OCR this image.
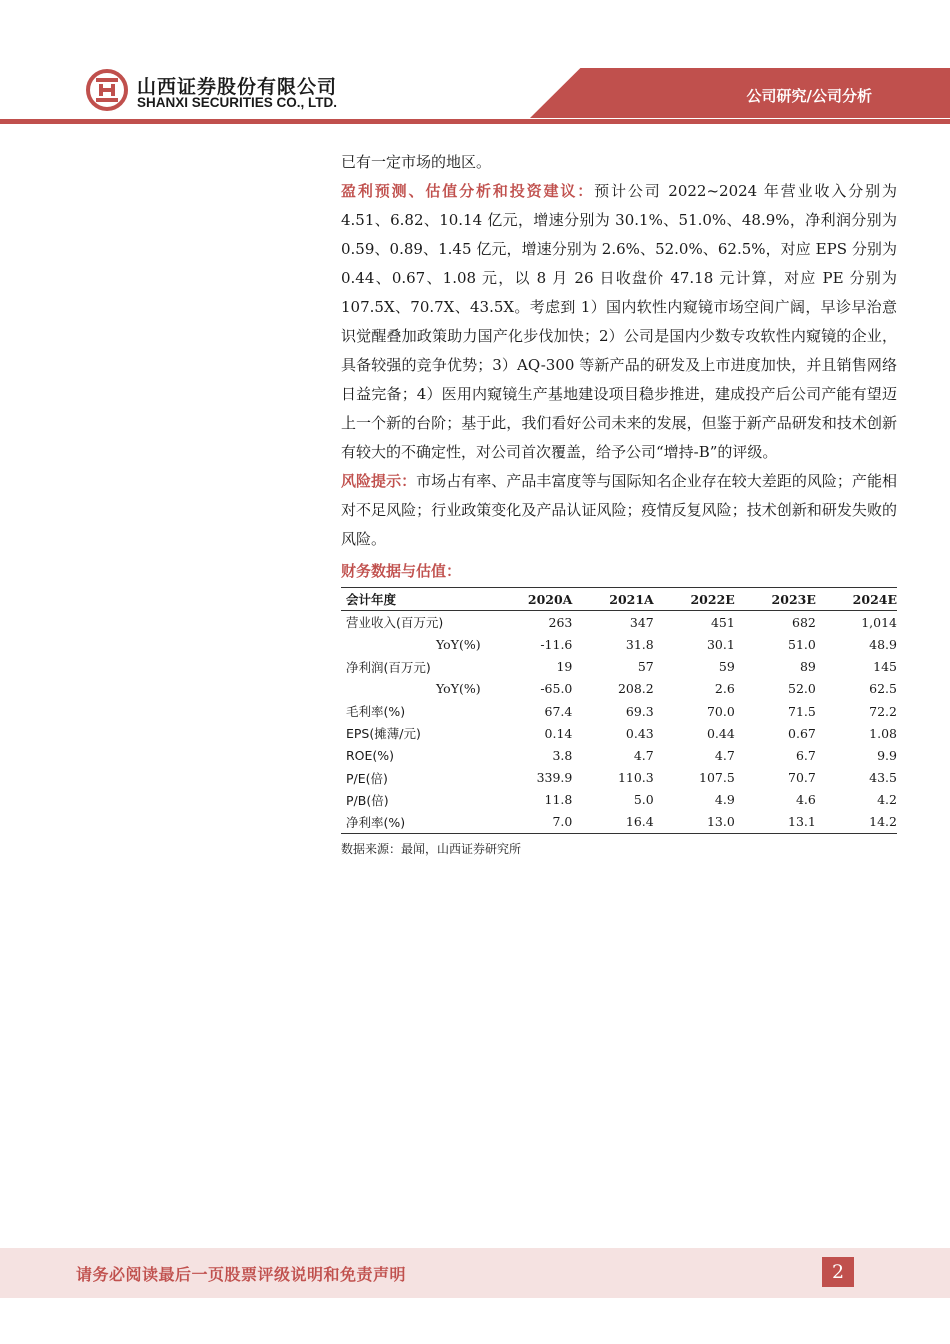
山西证券股份有限公司
SHANXI SECURITIES CO., LTD.	公司研究/公司分析

已有一定市场的地区。

盈利预测、估值分析和投资建议：预计公司 2022~2024 年营业收入分别为 4.51、6.82、10.14 亿元，增速分别为 30.1%、51.0%、48.9%，净利润分别为 0.59、0.89、1.45 亿元，增速分别为 2.6%、52.0%、62.5%，对应 EPS 分别为 0.44、0.67、1.08 元，以 8 月 26 日收盘价 47.18 元计算，对应 PE 分别为 107.5X、70.7X、43.5X。考虑到 1）国内软性内窥镜市场空间广阔，早诊早治意识觉醒叠加政策助力国产化步伐加快；2）公司是国内少数专攻软性内窥镜的企业，具备较强的竞争优势；3）AQ-300 等新产品的研发及上市进度加快，并且销售网络日益完备；4）医用内窥镜生产基地建设项目稳步推进，建成投产后公司产能有望迈上一个新的台阶；基于此，我们看好公司未来的发展，但鉴于新产品研发和技术创新有较大的不确定性，对公司首次覆盖，给予公司“增持-B”的评级。

风险提示：市场占有率、产品丰富度等与国际知名企业存在较大差距的风险；产能相对不足风险；行业政策变化及产品认证风险；疫情反复风险；技术创新和研发失败的风险。

财务数据与估值：
会计年度	2020A	2021A	2022E	2023E	2024E
营业收入(百万元)	263	347	451	682	1,014
YoY(%)	-11.6	31.8	30.1	51.0	48.9
净利润(百万元)	19	57	59	89	145
YoY(%)	-65.0	208.2	2.6	52.0	62.5
毛利率(%)	67.4	69.3	70.0	71.5	72.2
EPS(摊薄/元)	0.14	0.43	0.44	0.67	1.08
ROE(%)	3.8	4.7	4.7	6.7	9.9
P/E(倍)	339.9	110.3	107.5	70.7	43.5
P/B(倍)	11.8	5.0	4.9	4.6	4.2
净利率(%)	7.0	16.4	13.0	13.1	14.2
数据来源：最闻，山西证券研究所
请务必阅读最后一页股票评级说明和免责声明	2
